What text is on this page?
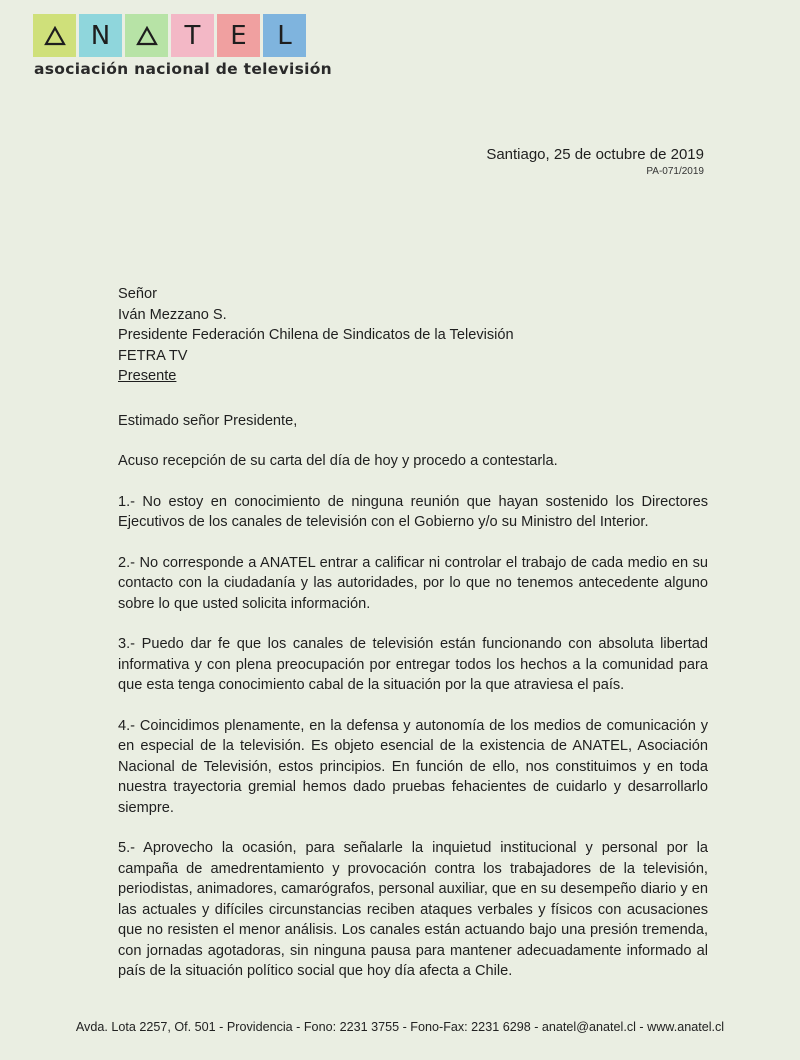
N	T	E	L
asociación nacional de televisión
Santiago, 25 de octubre de 2019
PA-071/2019

Señor

Iván Mezzano S.

Presidente Federación Chilena de Sindicatos de la Televisión

FETRA TV

Presente

Estimado señor Presidente,

Acuso recepción de su carta del día de hoy y procedo a contestarla.

1.- No estoy en conocimiento de ninguna reunión que hayan sostenido los Directores Ejecutivos de los canales de televisión con el Gobierno y/o su Ministro del Interior.

2.- No corresponde a ANATEL entrar a calificar ni controlar el trabajo de cada medio en su contacto con la ciudadanía y las autoridades, por lo que no tenemos antecedente alguno sobre lo que usted solicita información.

3.- Puedo dar fe que los canales de televisión están funcionando con absoluta libertad informativa y con plena preocupación por entregar todos los hechos a la comunidad para que esta tenga conocimiento cabal de la situación por la que atraviesa el país.

4.- Coincidimos plenamente, en la defensa y autonomía de los medios de comunicación y en especial de la televisión. Es objeto esencial de la existencia de ANATEL, Asociación Nacional de Televisión, estos principios. En función de ello, nos constituimos y en toda nuestra trayectoria gremial hemos dado pruebas fehacientes de cuidarlo y desarrollarlo siempre.

5.- Aprovecho la ocasión, para señalarle la inquietud institucional y personal por la campaña de amedrentamiento y provocación contra los trabajadores de la televisión, periodistas, animadores, camarógrafos, personal auxiliar, que en su desempeño diario y en las actuales y difíciles circunstancias reciben ataques verbales y físicos con acusaciones que no resisten el menor análisis. Los canales están actuando bajo una presión tremenda, con jornadas agotadoras, sin ninguna pausa para mantener adecuadamente informado al país de la situación político social que hoy día afecta a Chile.

Avda. Lota 2257, Of. 501 - Providencia - Fono: 2231 3755 - Fono-Fax: 2231 6298 - anatel@anatel.cl - www.anatel.cl
